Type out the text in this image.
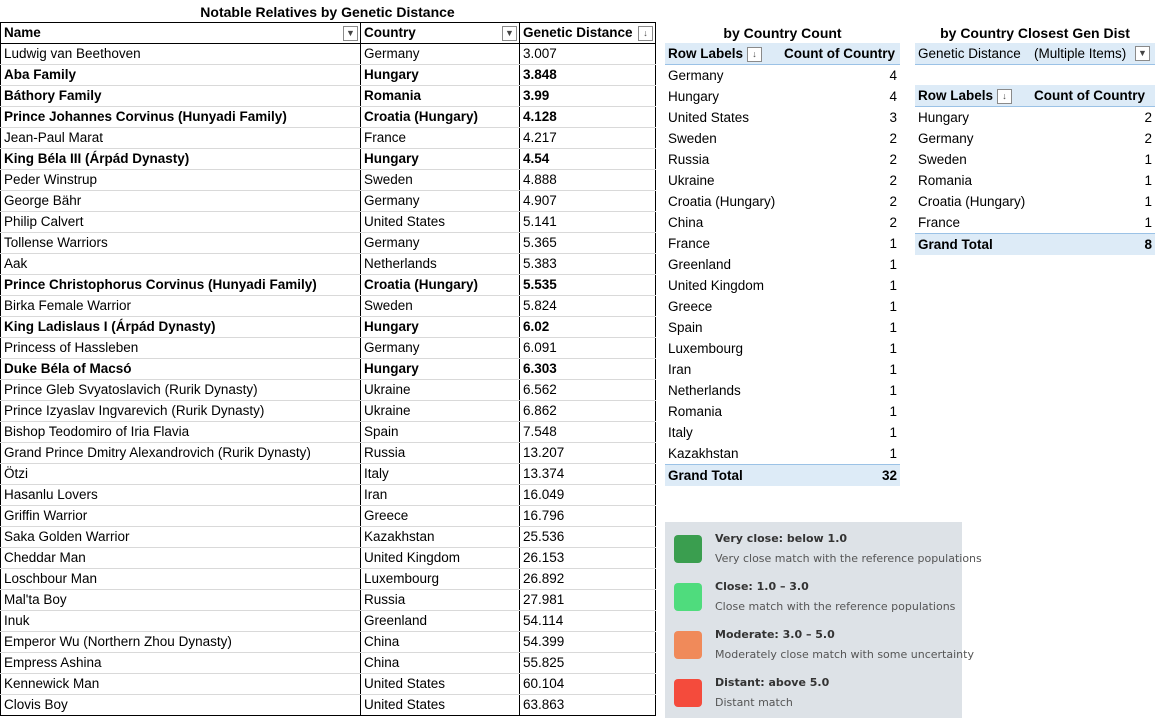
Notable Relatives by Genetic Distance
Name ▼	Country ▼	Genetic Distance ↓

Ludwig van Beethoven	Germany	3.007
Aba Family	Hungary	3.848
Báthory Family	Romania	3.99
Prince Johannes Corvinus (Hunyadi Family)	Croatia (Hungary)	4.128
Jean-Paul Marat	France	4.217
King Béla III (Árpád Dynasty)	Hungary	4.54
Peder Winstrup	Sweden	4.888
George Bähr	Germany	4.907
Philip Calvert	United States	5.141
Tollense Warriors	Germany	5.365
Aak	Netherlands	5.383
Prince Christophorus Corvinus (Hunyadi Family)	Croatia (Hungary)	5.535
Birka Female Warrior	Sweden	5.824
King Ladislaus I (Árpád Dynasty)	Hungary	6.02
Princess of Hassleben	Germany	6.091
Duke Béla of Macsó	Hungary	6.303
Prince Gleb Svyatoslavich (Rurik Dynasty)	Ukraine	6.562
Prince Izyaslav Ingvarevich (Rurik Dynasty)	Ukraine	6.862
Bishop Teodomiro of Iria Flavia	Spain	7.548
Grand Prince Dmitry Alexandrovich (Rurik Dynasty)	Russia	13.207
Ötzi	Italy	13.374
Hasanlu Lovers	Iran	16.049
Griffin Warrior	Greece	16.796
Saka Golden Warrior	Kazakhstan	25.536
Cheddar Man	United Kingdom	26.153
Loschbour Man	Luxembourg	26.892
Mal'ta Boy	Russia	27.981
Inuk	Greenland	54.114
Emperor Wu (Northern Zhou Dynasty)	China	54.399
Empress Ashina	China	55.825
Kennewick Man	United States	60.104
Clovis Boy	United States	63.863
by Country Count
Row Labels ↓	Count of Country
Germany	4
Hungary	4
United States	3
Sweden	2
Russia	2
Ukraine	2
Croatia (Hungary)	2
China	2
France	1
Greenland	1
United Kingdom	1
Greece	1
Spain	1
Luxembourg	1
Iran	1
Netherlands	1
Romania	1
Italy	1
Kazakhstan	1
Grand Total	32
by Country Closest Gen Dist
Genetic Distance	(Multiple Items)	▼
Row Labels ↓	Count of Country
Hungary	2
Germany	2
Sweden	1
Romania	1
Croatia (Hungary)	1
France	1
Grand Total	8
Very close: below 1.0
Very close match with the reference populations
Close: 1.0 – 3.0
Close match with the reference populations
Moderate: 3.0 – 5.0
Moderately close match with some uncertainty
Distant: above 5.0
Distant match
